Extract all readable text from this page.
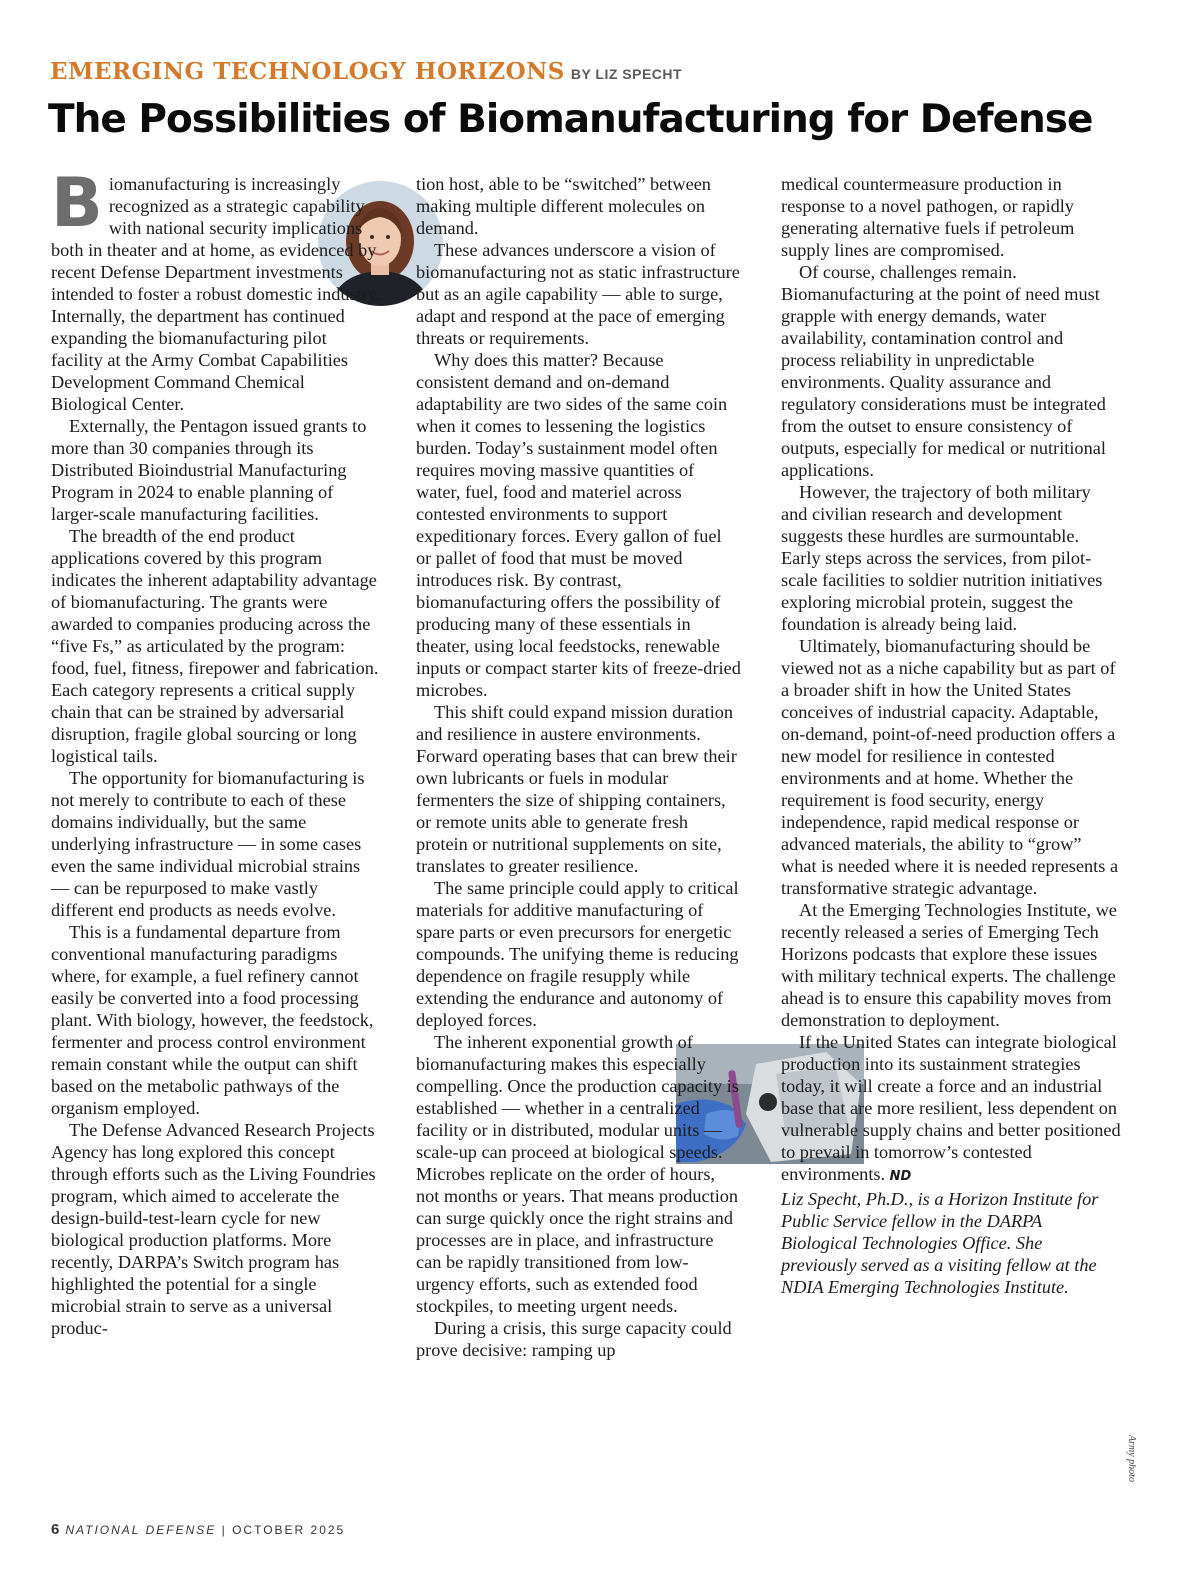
EMERGING TECHNOLOGY HORIZONS BY LIZ SPECHT
The Possibilities of Biomanufacturing for Defense

Biomanufacturing is increasingly recognized as a strategic capability with national security implications both in theater and at home, as evidenced by recent Defense Department investments intended to foster a robust domestic industry. Internally, the department has continued expanding the biomanufacturing pilot facility at the Army Combat Capabilities Development Command Chemical Biological Center.

Externally, the Pentagon issued grants to more than 30 companies through its Distributed Bioindustrial Manufacturing Program in 2024 to enable planning of larger-scale manufacturing facilities.

The breadth of the end product applications covered by this program indicates the inherent adaptability advantage of biomanufacturing. The grants were awarded to companies producing across the “five Fs,” as articulated by the program: food, fuel, fitness, firepower and fabrication. Each category represents a critical supply chain that can be strained by adversarial disruption, fragile global sourcing or long logistical tails.

The opportunity for biomanufacturing is not merely to contribute to each of these domains individually, but the same underlying infrastructure — in some cases even the same individual microbial strains — can be repurposed to make vastly different end products as needs evolve.

This is a fundamental departure from conventional manufacturing paradigms where, for example, a fuel refinery cannot easily be converted into a food processing plant. With biology, however, the feedstock, fermenter and process control environment remain constant while the output can shift based on the metabolic pathways of the organism employed.

The Defense Advanced Research Projects Agency has long explored this concept through efforts such as the Living Foundries program, which aimed to accelerate the design-build-test-learn cycle for new biological production platforms. More recently, DARPA’s Switch program has highlighted the potential for a single microbial strain to serve as a universal produc-

tion host, able to be “switched” between making multiple different molecules on demand.

These advances underscore a vision of biomanufacturing not as static infrastructure but as an agile capability — able to surge, adapt and respond at the pace of emerging threats or requirements.

Why does this matter? Because consistent demand and on-demand adaptability are two sides of the same coin when it comes to lessening the logistics burden. Today’s sustainment model often requires moving massive quantities of water, fuel, food and materiel across contested environments to support expeditionary forces. Every gallon of fuel or pallet of food that must be moved introduces risk. By contrast, biomanufacturing offers the possibility of producing many of these essentials in theater, using local feedstocks, renewable inputs or compact starter kits of freeze-dried microbes.

This shift could expand mission duration and resilience in austere environments. Forward operating bases that can brew their own lubricants or fuels in modular fermenters the size of shipping containers, or remote units able to generate fresh protein or nutritional supplements on site, translates to greater resilience.

The same principle could apply to critical materials for additive manufacturing of spare parts or even precursors for energetic compounds. The unifying theme is reducing dependence on fragile resupply while extending the endurance and autonomy of deployed forces.

The inherent exponential growth of biomanufacturing makes this especially compelling. Once the production capacity is established — whether in a centralized facility or in distributed, modular units — scale-up can proceed at biological speeds. Microbes replicate on the order of hours, not months or years. That means production can surge quickly once the right strains and processes are in place, and infrastructure can be rapidly transitioned from low-urgency efforts, such as extended food stockpiles, to meeting urgent needs.

During a crisis, this surge capacity could prove decisive: ramping up

medical countermeasure production in response to a novel pathogen, or rapidly generating alternative fuels if petroleum supply lines are compromised.

Of course, challenges remain. Biomanufacturing at the point of need must grapple with energy demands, water availability, contamination control and process reliability in unpredictable environments. Quality assurance and regulatory considerations must be integrated from the outset to ensure consistency of outputs, especially for medical or nutritional applications.

However, the trajectory of both military and civilian research and development suggests these hurdles are surmountable. Early steps across the services, from pilot-scale facilities to soldier nutrition initiatives exploring microbial protein, suggest the foundation is already being laid.

Ultimately, biomanufacturing should be viewed not as a niche capability but as part of a broader shift in how the United States conceives of industrial capacity. Adaptable, on-demand, point-of-need production offers a new model for resilience in contested environments and at home. Whether the requirement is food security, energy independence, rapid medical response or advanced materials, the ability to “grow” what is needed where it is needed represents a transformative strategic advantage.

At the Emerging Technologies Institute, we recently released a series of Emerging Tech Horizons podcasts that explore these issues with military technical experts. The challenge ahead is to ensure this capability moves from demonstration to deployment.

If the United States can integrate biological production into its sustainment strategies today, it will create a force and an industrial base that are more resilient, less dependent on vulnerable supply chains and better positioned to prevail in tomorrow’s contested environments. ND

Liz Specht, Ph.D., is a Horizon Institute for Public Service fellow in the DARPA Biological Technologies Office. She previously served as a visiting fellow at the NDIA Emerging Technologies Institute.

Army photo
6 NATIONAL DEFENSE | OCTOBER 2025
